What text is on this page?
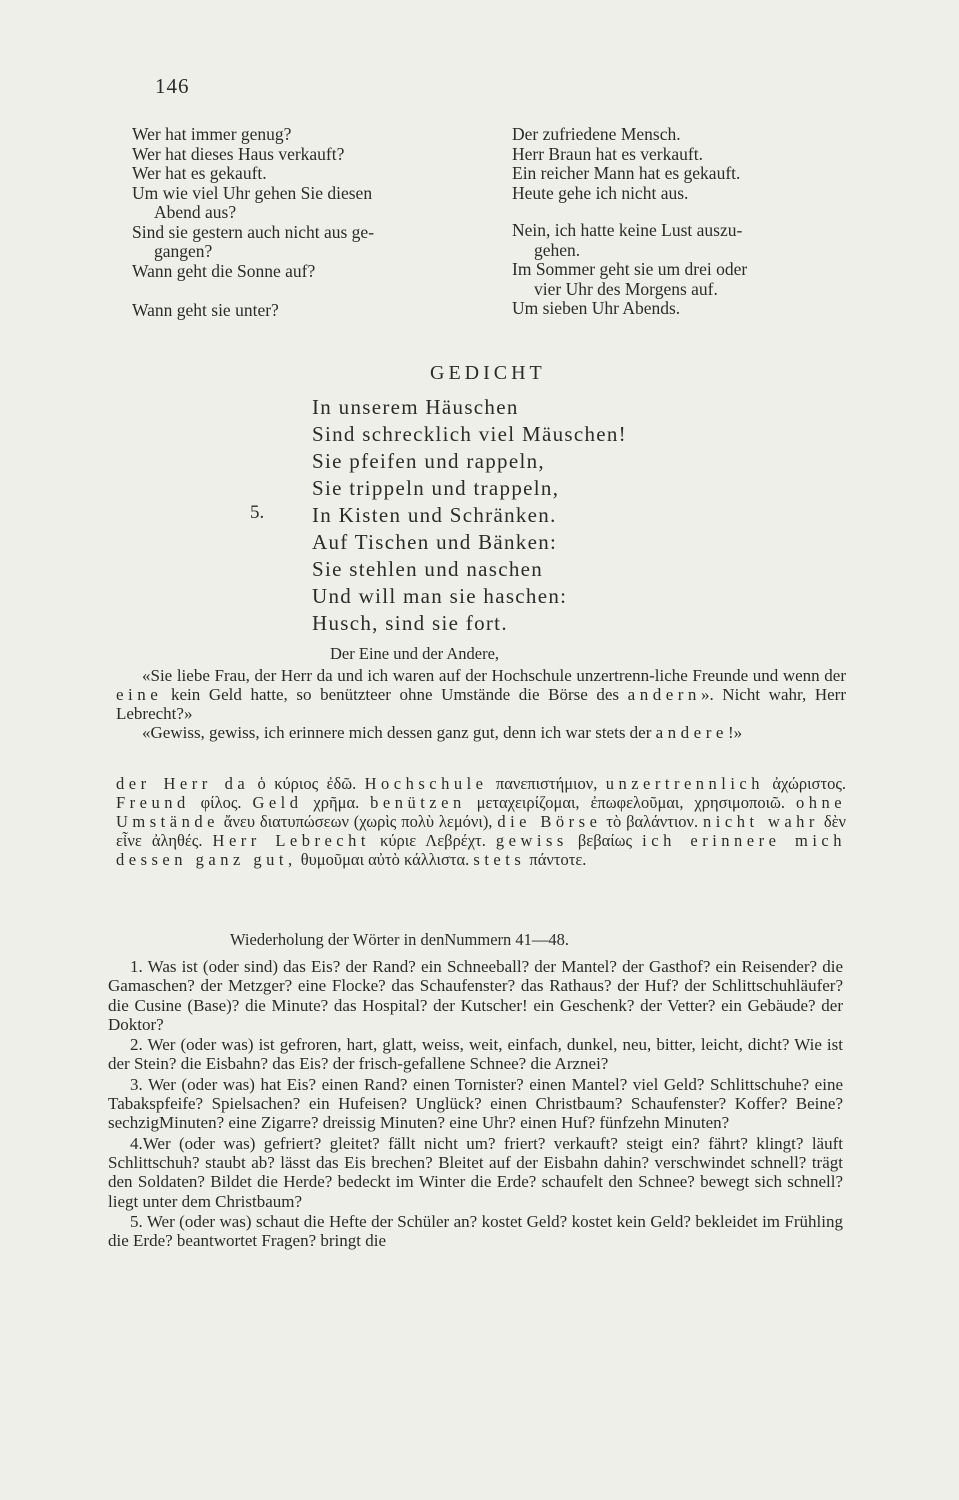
146
Wer hat immer genug?
Wer hat dieses Haus verkauft?
Wer hat es gekauft.
Um wie viel Uhr gehen Sie diesen
Abend aus?
Sind sie gestern auch nicht aus ge-
gangen?
Wann geht die Sonne auf?
Wann geht sie unter?
Der zufriedene Mensch.
Herr Braun hat es verkauft.
Ein reicher Mann hat es gekauft.
Heute gehe ich nicht aus.
Nein, ich hatte keine Lust auszu-
gehen.
Im Sommer geht sie um drei oder
vier Uhr des Morgens auf.
Um sieben Uhr Abends.
GEDICHT
5.
In unserem Häuschen
Sind schrecklich viel Mäuschen!
Sie pfeifen und rappeln,
Sie trippeln und trappeln,
In Kisten und Schränken.
Auf Tischen und Bänken:
Sie stehlen und naschen
Und will man sie haschen:
Husch, sind sie fort.
Der Eine und der Andere,

«Sie liebe Frau, der Herr da und ich waren auf der Hochschule unzertrenn-liche Freunde und wenn der eine kein Geld hatte, so benützteer ohne Umstände die Börse des andern». Nicht wahr, Herr Lebrecht?»

«Gewiss, gewiss, ich erinnere mich dessen ganz gut, denn ich war stets der andere!»

der Herr da ὁ κύριος ἐδῶ. Hochschule πανεπιστήμιον, unzertrennlich ἀχώριστος. Freund φίλος. Geld χρῆμα. benützen μεταχειρίζομαι, ἐπωφελοῦμαι, χρησιμοποιῶ. ohne Umstände ἄνευ διατυπώσεων (χωρὶς πολὺ λεμόνι), die Börse τὸ βαλάντιον. nicht wahr δὲν εἶνε ἀληθές. Herr Lebrecht κύριε Λεβρέχτ. gewiss βεβαίως ich erinnere mich dessen ganz gut, θυμοῦμαι αὐτὸ κάλλιστα. stets πάντοτε.

Wiederholung der Wörter in denNummern 41—48.

1. Was ist (oder sind) das Eis? der Rand? ein Schneeball? der Mantel? der Gasthof? ein Reisender? die Gamaschen? der Metzger? eine Flocke? das Schaufenster? das Rathaus? der Huf? der Schlittschuhläufer? die Cusine (Base)? die Minute? das Hospital? der Kutscher! ein Geschenk? der Vetter? ein Gebäude? der Doktor?

2. Wer (oder was) ist gefroren, hart, glatt, weiss, weit, einfach, dunkel, neu, bitter, leicht, dicht? Wie ist der Stein? die Eisbahn? das Eis? der frisch-gefallene Schnee? die Arznei?

3. Wer (oder was) hat Eis? einen Rand? einen Tornister? einen Mantel? viel Geld? Schlittschuhe? eine Tabakspfeife? Spielsachen? ein Hufeisen? Unglück? einen Christbaum? Schaufenster? Koffer? Beine? sechzigMinuten? eine Zigarre? dreissig Minuten? eine Uhr? einen Huf? fünfzehn Minuten?

4.Wer (oder was) gefriert? gleitet? fällt nicht um? friert? verkauft? steigt ein? fährt? klingt? läuft Schlittschuh? staubt ab? lässt das Eis brechen? Bleitet auf der Eisbahn dahin? verschwindet schnell? trägt den Soldaten? Bildet die Herde? bedeckt im Winter die Erde? schaufelt den Schnee? bewegt sich schnell? liegt unter dem Christbaum?

5. Wer (oder was) schaut die Hefte der Schüler an? kostet Geld? kostet kein Geld? bekleidet im Frühling die Erde? beantwortet Fragen? bringt die
